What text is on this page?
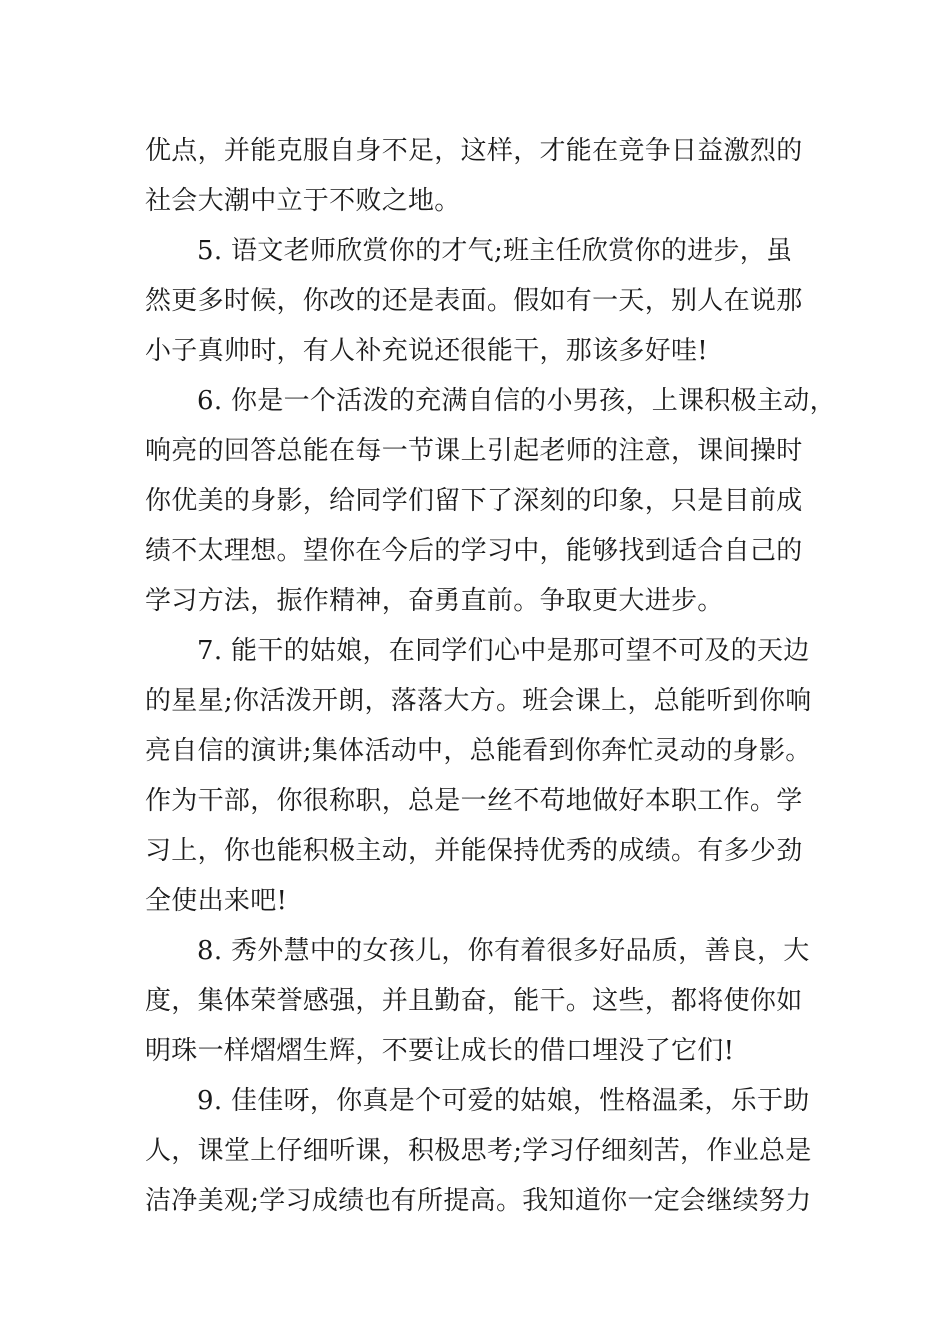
优点，并能克服自身不足，这样，才能在竞争日益激烈的
社会大潮中立于不败之地。

5. 语文老师欣赏你的才气;班主任欣赏你的进步，虽
然更多时候，你改的还是表面。假如有一天，别人在说那
小子真帅时，有人补充说还很能干，那该多好哇!

6. 你是一个活泼的充满自信的小男孩，上课积极主动，
响亮的回答总能在每一节课上引起老师的注意，课间操时
你优美的身影，给同学们留下了深刻的印象，只是目前成
绩不太理想。望你在今后的学习中，能够找到适合自己的
学习方法，振作精神，奋勇直前。争取更大进步。

7. 能干的姑娘，在同学们心中是那可望不可及的天边
的星星;你活泼开朗，落落大方。班会课上，总能听到你响
亮自信的演讲;集体活动中，总能看到你奔忙灵动的身影。
作为干部，你很称职，总是一丝不苟地做好本职工作。学
习上，你也能积极主动，并能保持优秀的成绩。有多少劲
全使出来吧!

8. 秀外慧中的女孩儿，你有着很多好品质，善良，大
度，集体荣誉感强，并且勤奋，能干。这些，都将使你如
明珠一样熠熠生辉，不要让成长的借口埋没了它们!

9. 佳佳呀，你真是个可爱的姑娘，性格温柔，乐于助
人，课堂上仔细听课，积极思考;学习仔细刻苦，作业总是
洁净美观;学习成绩也有所提高。我知道你一定会继续努力
